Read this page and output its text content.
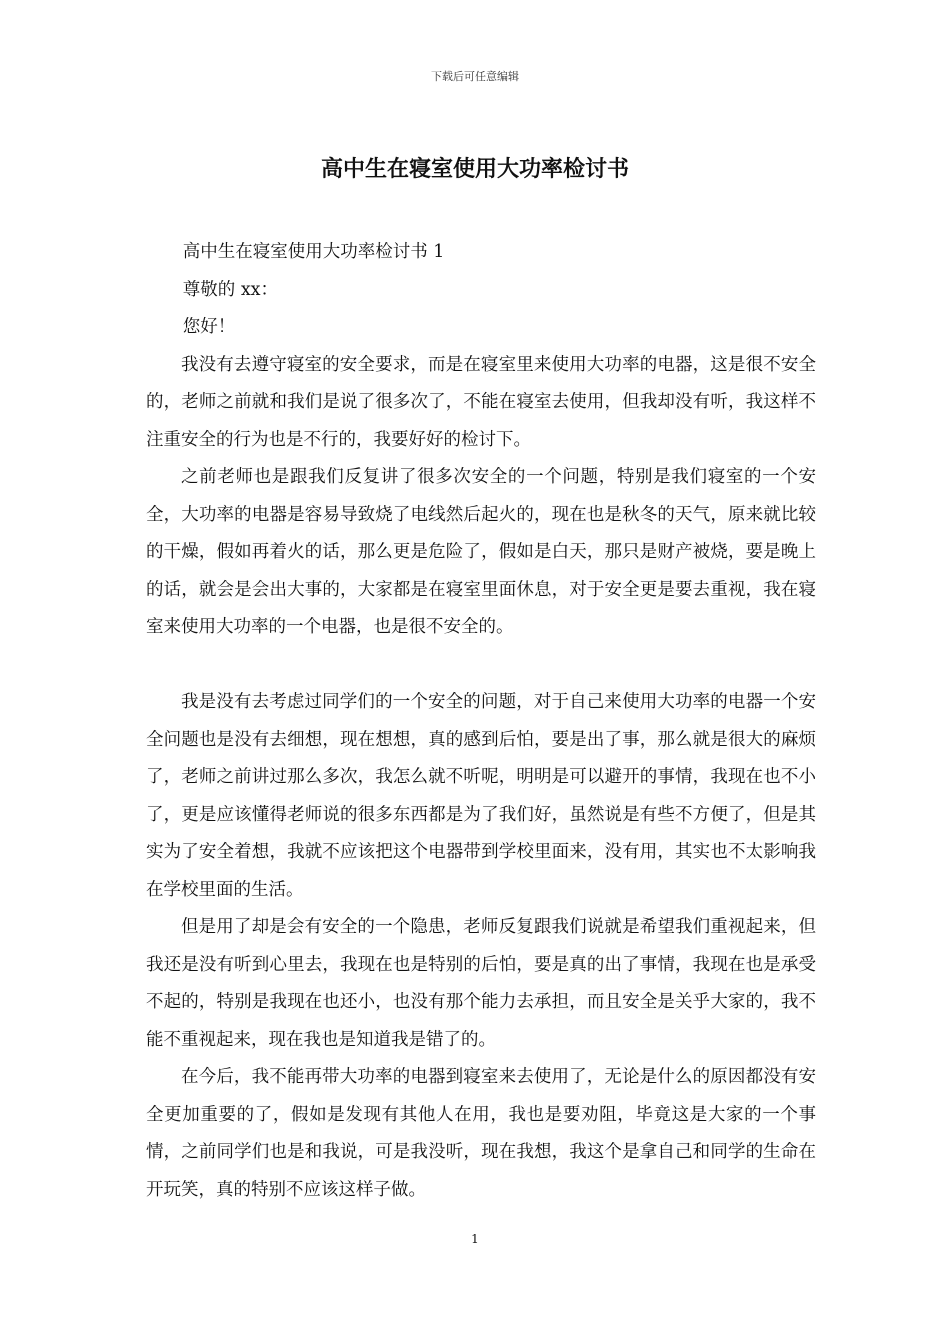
下载后可任意编辑
高中生在寝室使用大功率检讨书

高中生在寝室使用大功率检讨书 1

尊敬的 xx：

您好！

我没有去遵守寝室的安全要求，而是在寝室里来使用大功率的电器，这是很不安全的，老师之前就和我们是说了很多次了，不能在寝室去使用，但我却没有听，我这样不注重安全的行为也是不行的，我要好好的检讨下。

之前老师也是跟我们反复讲了很多次安全的一个问题，特别是我们寝室的一个安全，大功率的电器是容易导致烧了电线然后起火的，现在也是秋冬的天气，原来就比较的干燥，假如再着火的话，那么更是危险了，假如是白天，那只是财产被烧，要是晚上的话，就会是会出大事的，大家都是在寝室里面休息，对于安全更是要去重视，我在寝室来使用大功率的一个电器，也是很不安全的。

我是没有去考虑过同学们的一个安全的问题，对于自己来使用大功率的电器一个安全问题也是没有去细想，现在想想，真的感到后怕，要是出了事，那么就是很大的麻烦了，老师之前讲过那么多次，我怎么就不听呢，明明是可以避开的事情，我现在也不小了，更是应该懂得老师说的很多东西都是为了我们好，虽然说是有些不方便了，但是其实为了安全着想，我就不应该把这个电器带到学校里面来，没有用，其实也不太影响我在学校里面的生活。

但是用了却是会有安全的一个隐患，老师反复跟我们说就是希望我们重视起来，但我还是没有听到心里去，我现在也是特别的后怕，要是真的出了事情，我现在也是承受不起的，特别是我现在也还小，也没有那个能力去承担，而且安全是关乎大家的，我不能不重视起来，现在我也是知道我是错了的。

在今后，我不能再带大功率的电器到寝室来去使用了，无论是什么的原因都没有安全更加重要的了，假如是发现有其他人在用，我也是要劝阻，毕竟这是大家的一个事情，之前同学们也是和我说，可是我没听，现在我想，我这个是拿自己和同学的生命在开玩笑，真的特别不应该这样子做。

1
